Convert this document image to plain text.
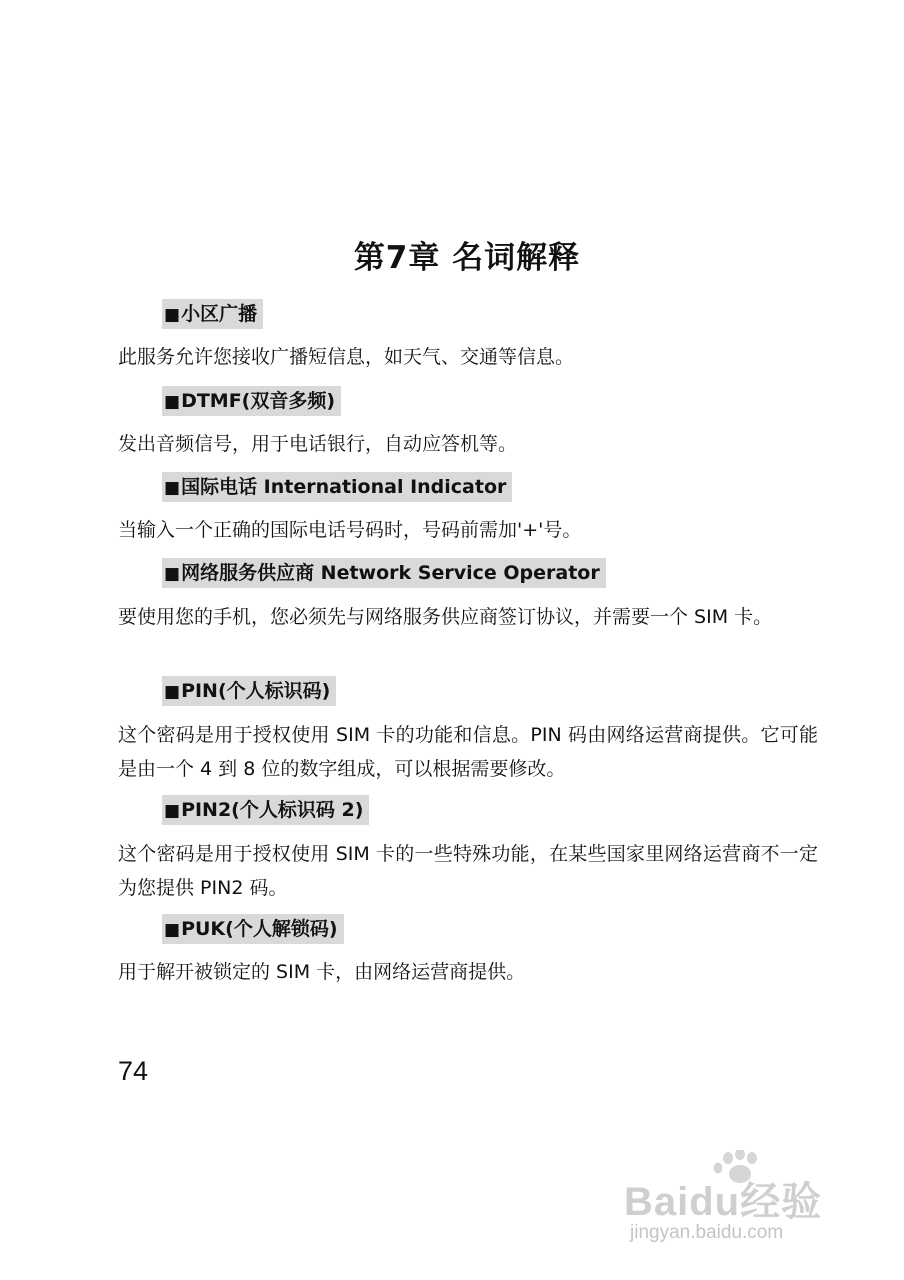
第7章 名词解释
■小区广播

此服务允许您接收广播短信息，如天气、交通等信息。

■DTMF(双音多频)

发出音频信号，用于电话银行，自动应答机等。

■国际电话 International Indicator

当输入一个正确的国际电话号码时，号码前需加'+'号。

■网络服务供应商 Network Service Operator

要使用您的手机，您必须先与网络服务供应商签订协议，并需要一个 SIM 卡。

■PIN(个人标识码)

这个密码是用于授权使用 SIM 卡的功能和信息。PIN 码由网络运营商提供。它可能是由一个 4 到 8 位的数字组成，可以根据需要修改。

■PIN2(个人标识码 2)

这个密码是用于授权使用 SIM 卡的一些特殊功能，在某些国家里网络运营商不一定为您提供 PIN2 码。

■PUK(个人解锁码)

用于解开被锁定的 SIM 卡，由网络运营商提供。

74
Baidu经验
jingyan.baidu.com
